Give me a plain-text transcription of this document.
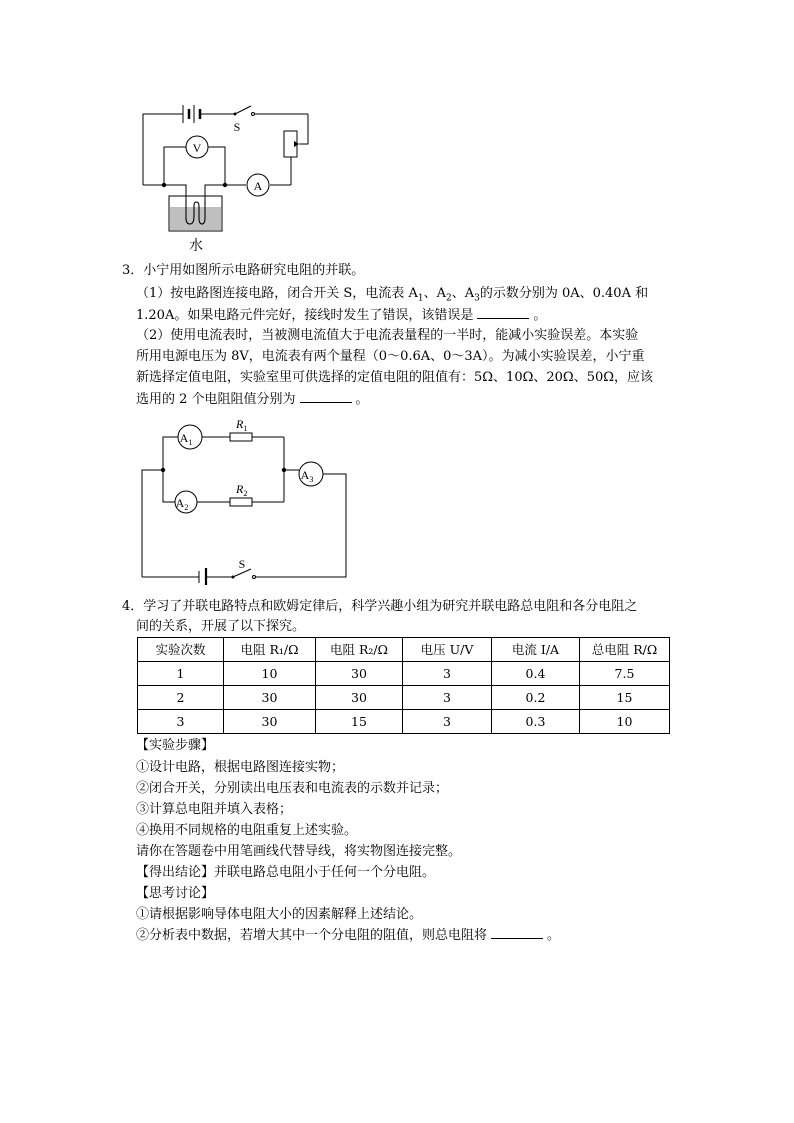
V
A
S
水
3．小宁用如图所示电路研究电阻的并联。
（1）按电路图连接电路，闭合开关 S，电流表 $A_1$、$A_2$、$A_3$的示数分别为 0A、0.40A 和
1.20A。如果电路元件完好，接线时发生了错误，该错误是	。
（2）使用电流表时，当被测电流值大于电流表量程的一半时，能减小实验误差。本实验
所用电源电压为 8V，电流表有两个量程（0～0.6A、0～3A）。为减小实验误差，小宁重
新选择定值电阻，实验室里可供选择的定值电阻的阻值有：5Ω、10Ω、20Ω、50Ω，应该
选用的 2 个电阻阻值分别为	。
$A_1$
$A_2$
$A_3$
$R_1$
$R_2$
S
4．学习了并联电路特点和欧姆定律后，科学兴趣小组为研究并联电路总电阻和各分电阻之
间的关系，开展了以下探究。
实验次数	电阻 R₁/Ω	电阻 R₂/Ω	电压 U/V	电流 I/A	总电阻 R/Ω
1	10	30	3	0.4	7.5
2	30	30	3	0.2	15
3	30	15	3	0.3	10
【实验步骤】
①设计电路，根据电路图连接实物；
②闭合开关，分别读出电压表和电流表的示数并记录；
③计算总电阻并填入表格；
④换用不同规格的电阻重复上述实验。
请你在答题卷中用笔画线代替导线，将实物图连接完整。
【得出结论】并联电路总电阻小于任何一个分电阻。
【思考讨论】
①请根据影响导体电阻大小的因素解释上述结论。
②分析表中数据，若增大其中一个分电阻的阻值，则总电阻将	。
